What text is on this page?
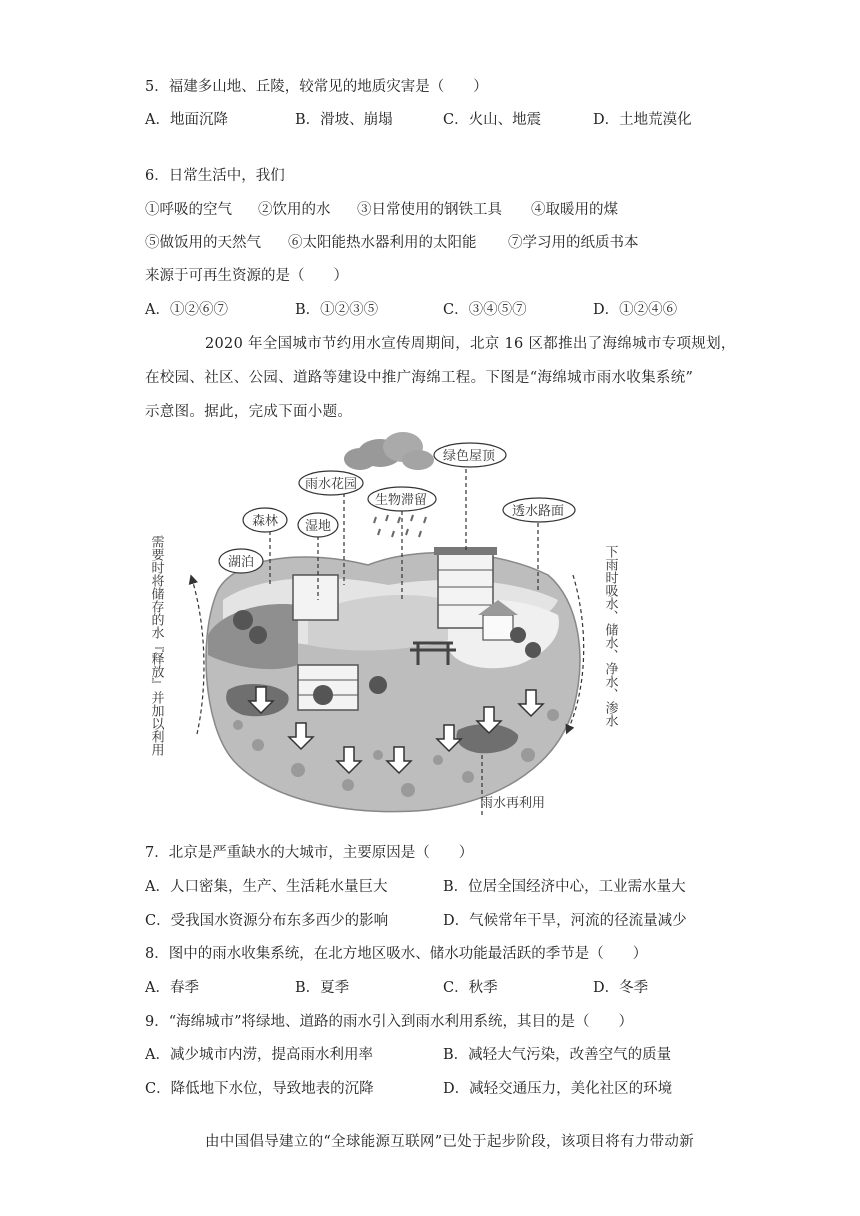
5．福建多山地、丘陵，较常见的地质灾害是（　　）
A．地面沉降	B．滑坡、崩塌	C．火山、地震	D．土地荒漠化
6．日常生活中，我们
①呼吸的空气 ②饮用的水 ③日常使用的钢铁工具 ④取暖用的煤
⑤做饭用的天然气 ⑥太阳能热水器利用的太阳能 ⑦学习用的纸质书本
来源于可再生资源的是（　　）
A．①②⑥⑦	B．①②③⑤	C．③④⑤⑦	D．①②④⑥
2020 年全国城市节约用水宣传周期间，北京 16 区都推出了海绵城市专项规划，
在校园、社区、公园、道路等建设中推广海绵工程。下图是“海绵城市雨水收集系统”
示意图。据此，完成下面小题。
湖泊
森林 湿地
雨水花园
生物滞留
绿色屋顶
透水路面
雨水再利用
需要时将储存的水『释放』并加以利用	下雨时吸水、储水、净水、渗水
7．北京是严重缺水的大城市，主要原因是（　　）
A．人口密集，生产、生活耗水量巨大	B．位居全国经济中心，工业需水量大
C．受我国水资源分布东多西少的影响	D．气候常年干旱，河流的径流量减少
8．图中的雨水收集系统，在北方地区吸水、储水功能最活跃的季节是（　　）
A．春季	B．夏季	C．秋季	D．冬季
9．“海绵城市”将绿地、道路的雨水引入到雨水利用系统，其目的是（　　）
A．减少城市内涝，提高雨水利用率	B．减轻大气污染，改善空气的质量
C．降低地下水位，导致地表的沉降	D．减轻交通压力，美化社区的环境
由中国倡导建立的“全球能源互联网”已处于起步阶段，该项目将有力带动新
